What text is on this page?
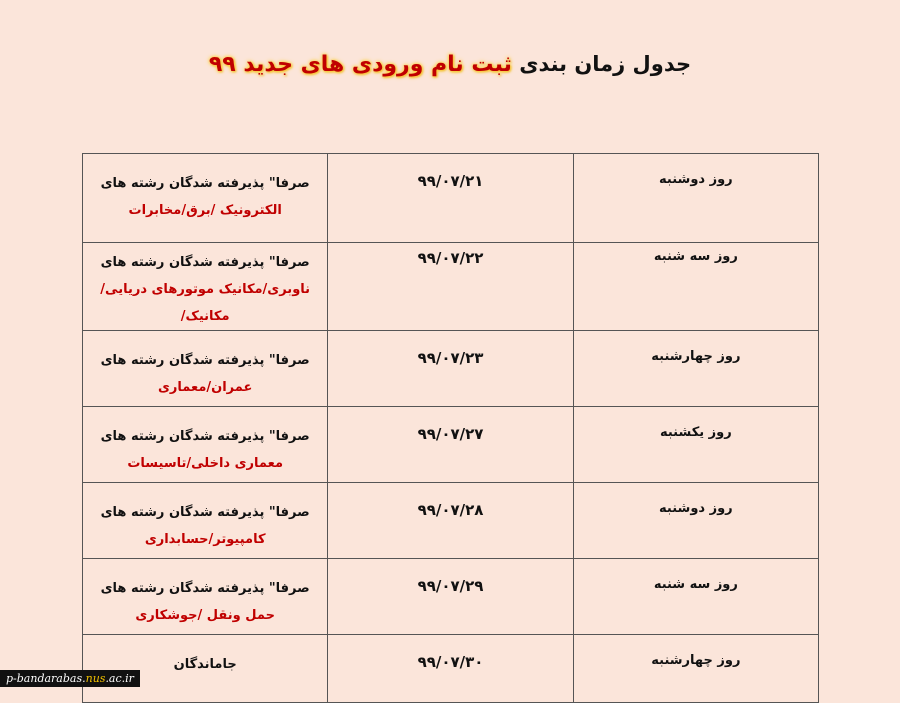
جدول زمان بندی ثبت نام ورودی های جدید ۹۹
روز دوشنبه	۹۹/۰۷/۲۱	صرفا" پذیرفته شدگان رشته های
الکترونیک /برق/مخابرات

روز سه شنبه	۹۹/۰۷/۲۲	صرفا" پذیرفته شدگان رشته های
ناوبری/مکانیک موتورهای دریایی/مکانیک/

روز چهارشنبه	۹۹/۰۷/۲۳	صرفا" پذیرفته شدگان رشته های
عمران/معماری

روز یکشنبه	۹۹/۰۷/۲۷	صرفا" پذیرفته شدگان رشته های
معماری داخلی/تاسیسات

روز دوشنبه	۹۹/۰۷/۲۸	صرفا" پذیرفته شدگان رشته های
کامپیوتر/حسابداری

روز سه شنبه	۹۹/۰۷/۲۹	صرفا" پذیرفته شدگان رشته های
حمل ونقل /جوشکاری

روز چهارشنبه	۹۹/۰۷/۳۰	جاماندگان
p-bandarabas.nus.ac.ir
